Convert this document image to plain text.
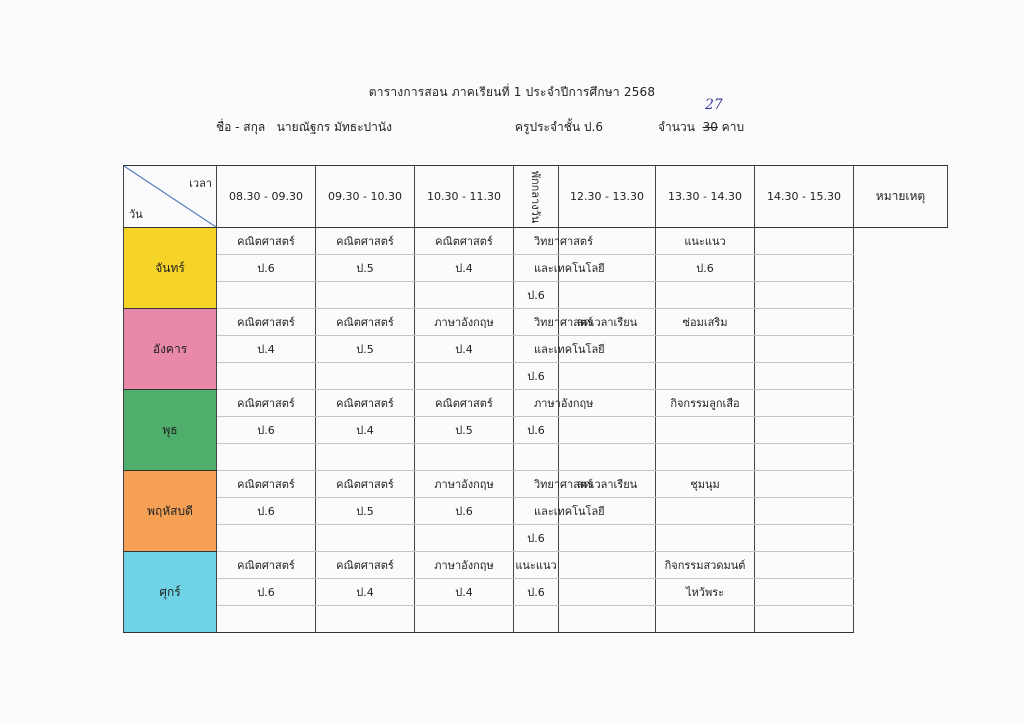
ตารางการสอน ภาคเรียนที่ 1 ประจำปีการศึกษา 2568
ชื่อ - สกุล นายณัฐกร มัทธะปานัง	ครูประจำชั้น ป.6	จำนวน 30 คาบ
27
เวลา
วัน	08.30 - 09.30	09.30 - 10.30	10.30 - 11.30	พักกลางวัน	12.30 - 13.30	13.30 - 14.30	14.30 - 15.30	หมายเหตุ
จันทร์	คณิตศาสตร์	คณิตศาสตร์	คณิตศาสตร์	วิทยาศาสตร์		แนะแนว		
	ป.6	ป.5	ป.4	และเทคโนโลยี		ป.6		
				ป.6				
อังคาร	คณิตศาสตร์	คณิตศาสตร์	ภาษาอังกฤษ	วิทยาศาสตร์	ลดเวลาเรียน	ซ่อมเสริม		
	ป.4	ป.5	ป.4	และเทคโนโลยี				
				ป.6				
พุธ	คณิตศาสตร์	คณิตศาสตร์	คณิตศาสตร์	ภาษาอังกฤษ		กิจกรรมลูกเสือ		
	ป.6	ป.4	ป.5	ป.6				

พฤหัสบดี	คณิตศาสตร์	คณิตศาสตร์	ภาษาอังกฤษ	วิทยาศาสตร์	ลดเวลาเรียน	ชุมนุม		
	ป.6	ป.5	ป.6	และเทคโนโลยี				
				ป.6				
ศุกร์	คณิตศาสตร์	คณิตศาสตร์	ภาษาอังกฤษ	แนะแนว		กิจกรรมสวดมนต์		
	ป.6	ป.4	ป.4	ป.6		ไหว้พระ		
